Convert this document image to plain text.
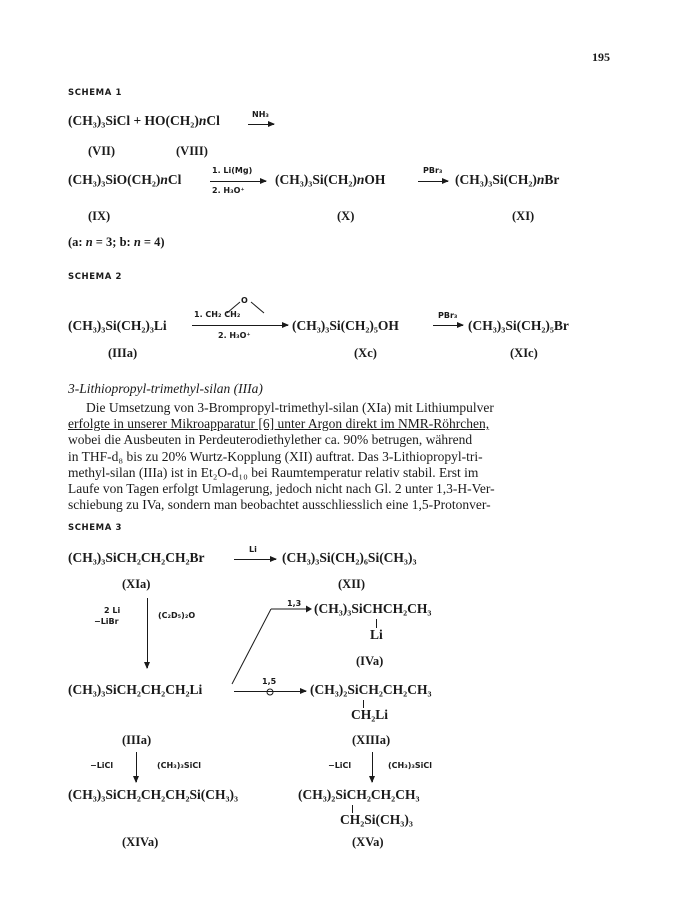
195
SCHEMA 1
(CH₃)₃SiCl + HO(CH₂)nCl	NH₃
(VII)	(VIII)
(CH₃)₃SiO(CH₂)nCl
1. Li(Mg)
2. H₃O⁺
(CH₃)₃Si(CH₂)nOH
PBr₃
→ (CH₃)₃Si(CH₂)nBr
(IX)	(X)	(XI)
(a: n = 3; b: n = 4)
SCHEMA 2
(CH₃)₃Si(CH₂)₃Li
O
1. CH₂ CH₂
2. H₃O⁺
(CH₃)₃Si(CH₂)₅OH
PBr₃
→ (CH₃)₃Si(CH₂)₅Br
(IIIa)	(Xc)	(XIc)
3-Lithiopropyl-trimethyl-silan (IIIa)
Die Umsetzung von 3-Brompropyl-trimethyl-silan (XIa) mit Lithiumpulver
erfolgte in unserer Mikroapparatur [6] unter Argon direkt im NMR-Röhrchen,
wobei die Ausbeuten in Perdeuterodiethylether ca. 90% betrugen, während
in THF-d₈ bis zu 20% Wurtz-Kopplung (XII) auftrat. Das 3-Lithiopropyl-tri-
methyl-silan (IIIa) ist in Et₂O-d₁₀ bei Raumtemperatur relativ stabil. Erst im
Laufe von Tagen erfolgt Umlagerung, jedoch nicht nach Gl. 2 unter 1,3-H-Ver-
schiebung zu IVa, sondern man beobachtet ausschliesslich eine 1,5-Protonver-
SCHEMA 3
(CH₃)₃SiCH₂CH₂CH₂Br
Li
→ (CH₃)₃Si(CH₂)₆Si(CH₃)₃
(XIa)	(XII)
2 Li
−LiBr
(C₂D₅)₂O
1,3 (CH₃)₃SiCHCH₂CH₃
Li
(IVa)
(CH₃)₃SiCH₂CH₂CH₂Li
1,5
(CH₃)₂SiCH₂CH₂CH₃
CH₂Li
(IIIa)	(XIIIa)
−LiCl	(CH₃)₃SiCl	−LiCl	(CH₃)₃SiCl
(CH₃)₃SiCH₂CH₂CH₂Si(CH₃)₃	(CH₃)₂SiCH₂CH₂CH₃
CH₂Si(CH₃)₃
(XIVa)	(XVa)
